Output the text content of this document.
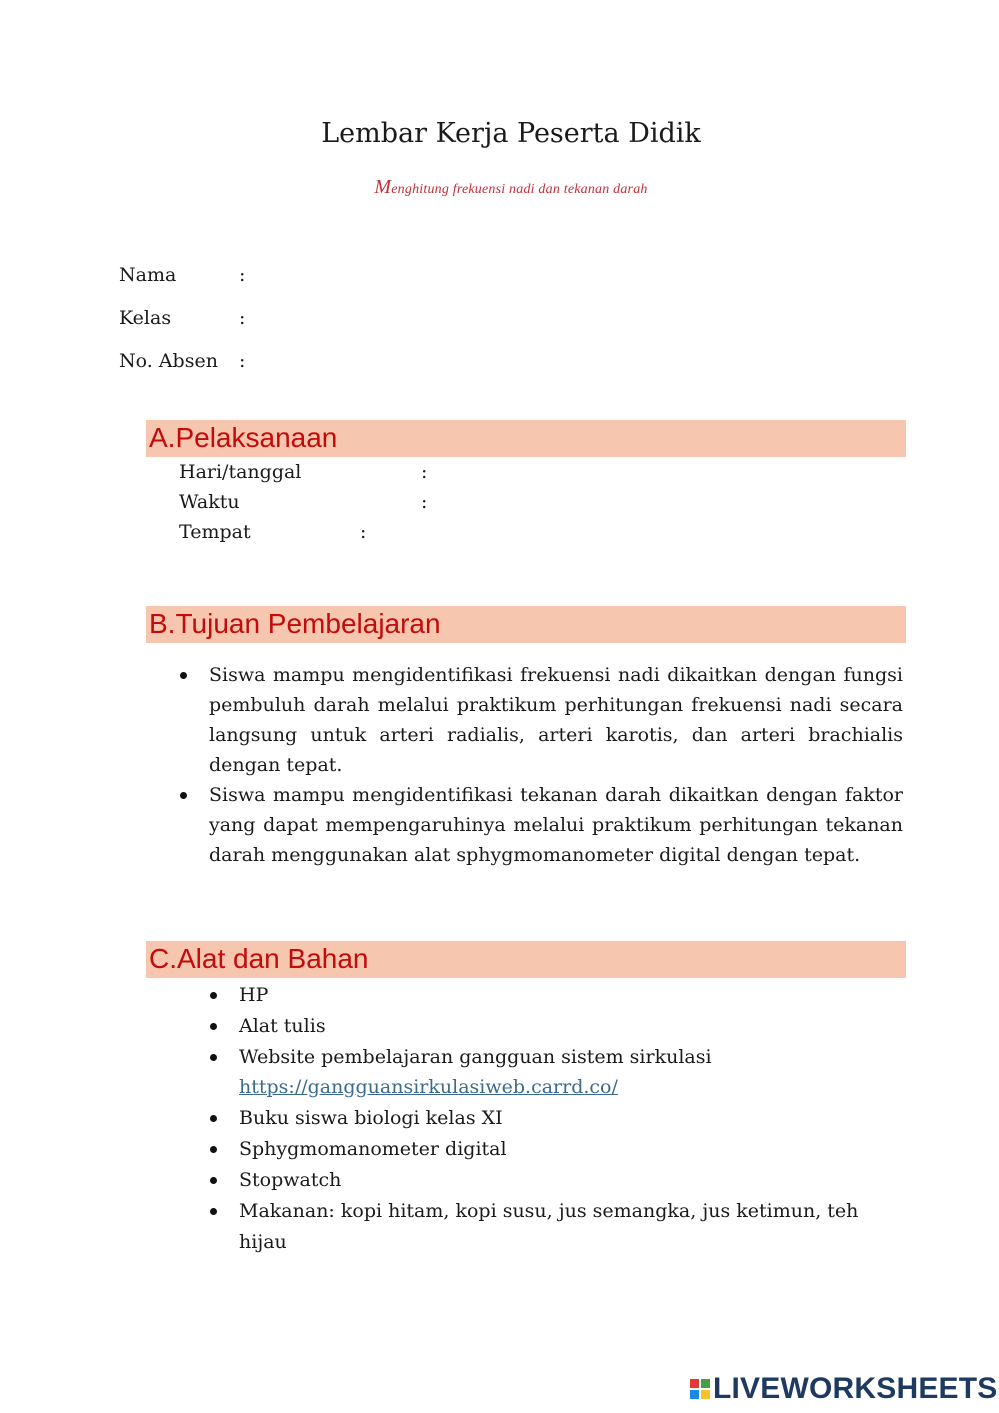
Lembar Kerja Peserta Didik
Menghitung frekuensi nadi dan tekanan darah
Nama	:
Kelas	:
No. Absen :
A.Pelaksanaan
Hari/tanggal	:
Waktu	:
Tempat	:
B.Tujuan Pembelajaran
Siswa mampu mengidentifikasi frekuensi nadi dikaitkan dengan fungsi pembuluh darah melalui praktikum perhitungan frekuensi nadi secara langsung untuk arteri radialis, arteri karotis, dan arteri brachialis dengan tepat.
Siswa mampu mengidentifikasi tekanan darah dikaitkan dengan faktor yang dapat mempengaruhinya melalui praktikum perhitungan tekanan darah menggunakan alat sphygmomanometer digital dengan tepat.
C.Alat dan Bahan
HP
Alat tulis
Website pembelajaran gangguan sistem sirkulasi
https://gangguansirkulasiweb.carrd.co/
Buku siswa biologi kelas XI
Sphygmomanometer digital
Stopwatch
Makanan: kopi hitam, kopi susu, jus semangka, jus ketimun, teh
hijau
LIVEWORKSHEETS
